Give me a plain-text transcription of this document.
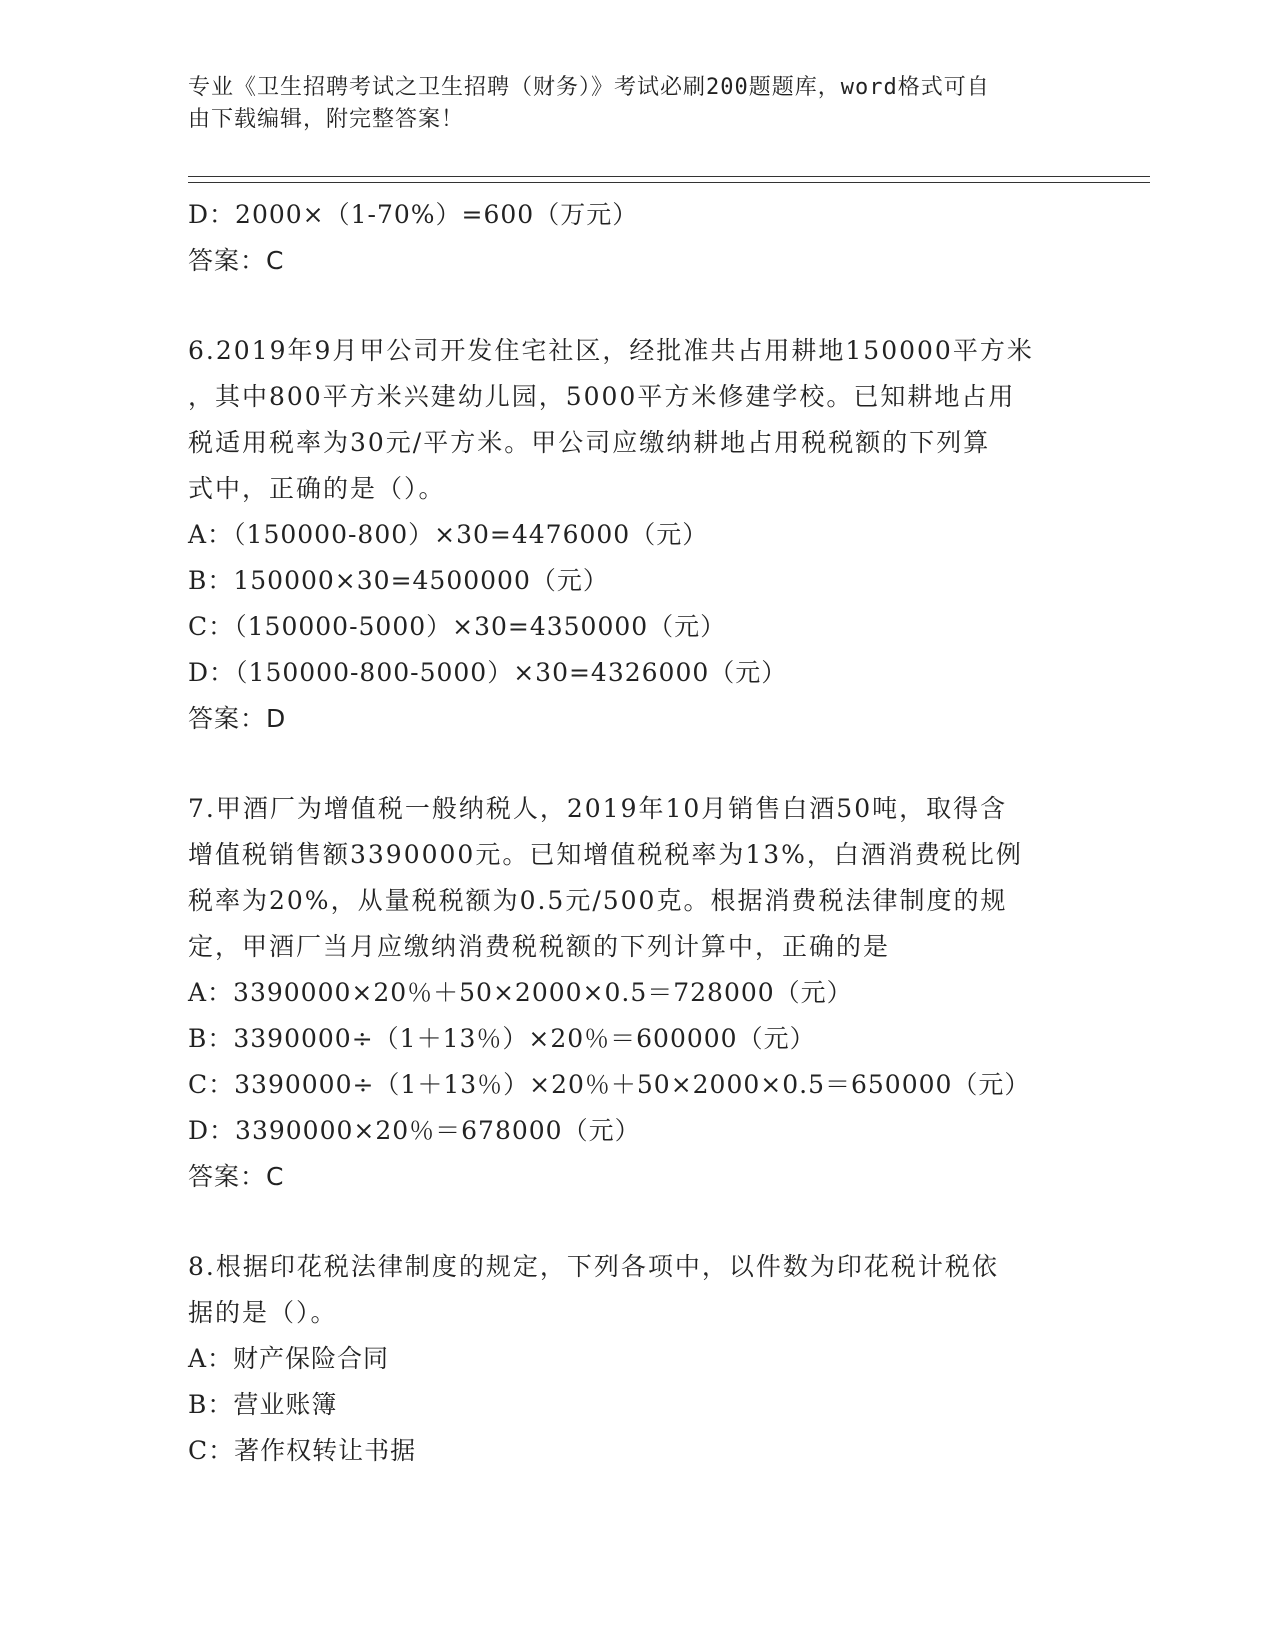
专业《卫生招聘考试之卫生招聘（财务）》考试必刷200题题库，word格式可自
由下载编辑，附完整答案！
D：2000×（1-70%）=600（万元）
答案：C
6.2019年9月甲公司开发住宅社区，经批准共占用耕地150000平方米
，其中800平方米兴建幼儿园，5000平方米修建学校。已知耕地占用
税适用税率为30元/平方米。甲公司应缴纳耕地占用税税额的下列算
式中，正确的是（）。
A：（150000-800）×30=4476000（元）
B：150000×30=4500000（元）
C：（150000-5000）×30=4350000（元）
D：（150000-800-5000）×30=4326000（元）
答案：D
7.甲酒厂为增值税一般纳税人，2019年10月销售白酒50吨，取得含
增值税销售额3390000元。已知增值税税率为13%，白酒消费税比例
税率为20%，从量税税额为0.5元/500克。根据消费税法律制度的规
定，甲酒厂当月应缴纳消费税税额的下列计算中，正确的是
A：3390000×20％＋50×2000×0.5＝728000（元）
B：3390000÷（1＋13％）×20％＝600000（元）
C：3390000÷（1＋13％）×20％＋50×2000×0.5＝650000（元）
D：3390000×20％＝678000（元）
答案：C
8.根据印花税法律制度的规定，下列各项中，以件数为印花税计税依
据的是（）。
A：财产保险合同
B：营业账簿
C：著作权转让书据
